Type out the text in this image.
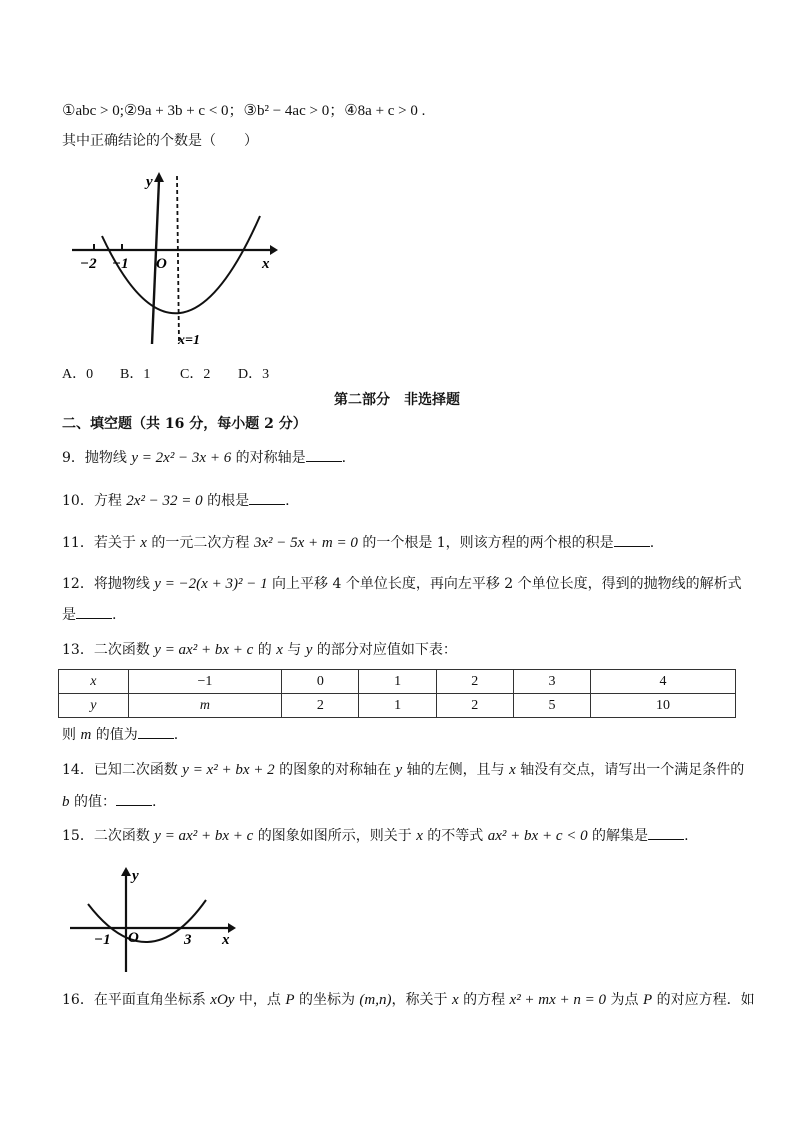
①abc > 0;②9a + 3b + c < 0；③b² − 4ac > 0；④8a + c > 0 .
其中正确结论的个数是（　　）
−2 −1 O	x
y
x=1
A．0 B．1 C．2 D．3
第二部分　非选择题
二、填空题（共 16 分，每小题 2 分）
9．抛物线 y = 2x² − 3x + 6 的对称轴是	.
10．方程 2x² − 32 = 0 的根是	.
11．若关于 x 的一元二次方程 3x² − 5x + m = 0 的一个根是 1，则该方程的两个根的积是	.
12．将抛物线 y = −2(x + 3)² − 1 向上平移 4 个单位长度，再向左平移 2 个单位长度，得到的抛物线的解析式
是	.
13．二次函数 y = ax² + bx + c 的 x 与 y 的部分对应值如下表：
x	−1	0	1	2	3	4
y	m	2	1	2	5	10
则 m 的值为	.
14．已知二次函数 y = x² + bx + 2 的图象的对称轴在 y 轴的左侧，且与 x 轴没有交点，请写出一个满足条件的
b 的值：	.
15．二次函数 y = ax² + bx + c 的图象如图所示，则关于 x 的不等式 ax² + bx + c < 0 的解集是	.
−1 O	3 x
y
16．在平面直角坐标系 xOy 中，点 P 的坐标为 (m,n)，称关于 x 的方程 x² + mx + n = 0 为点 P 的对应方程．如
